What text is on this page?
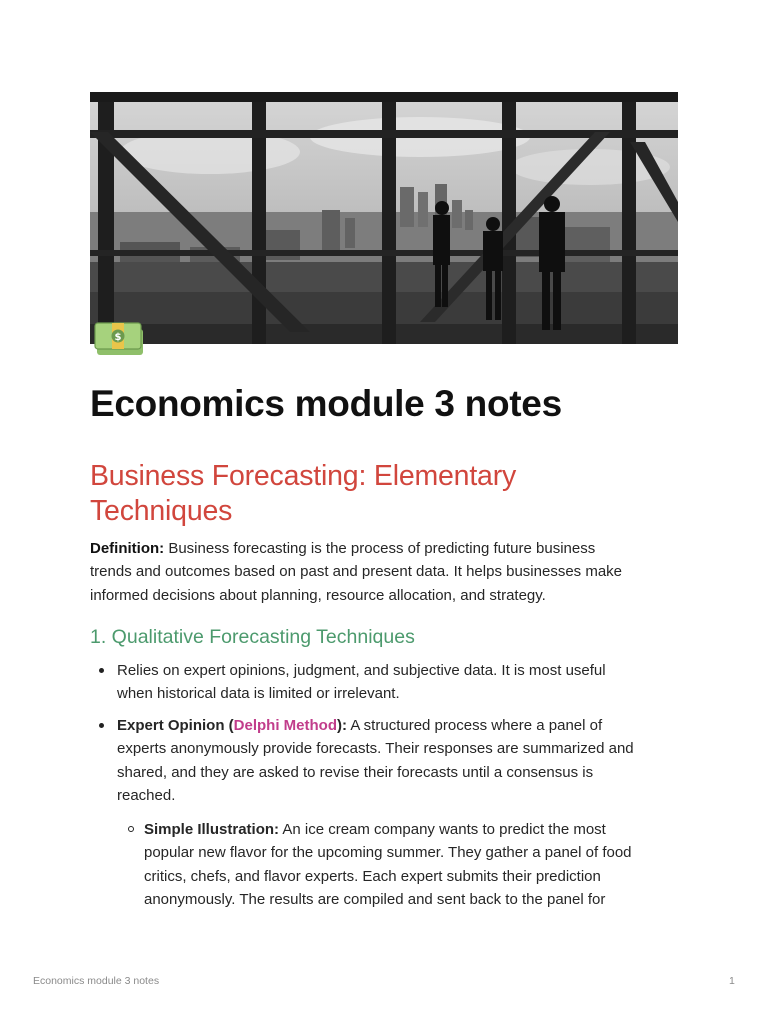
$
Economics module 3 notes
Business Forecasting: Elementary
Techniques
Definition: Business forecasting is the process of predicting future business
trends and outcomes based on past and present data. It helps businesses make
informed decisions about planning, resource allocation, and strategy.
1. Qualitative Forecasting Techniques
Relies on expert opinions, judgment, and subjective data. It is most useful
when historical data is limited or irrelevant.
Expert Opinion (Delphi Method): A structured process where a panel of
experts anonymously provide forecasts. Their responses are summarized and
shared, and they are asked to revise their forecasts until a consensus is
reached.
Simple Illustration: An ice cream company wants to predict the most
popular new flavor for the upcoming summer. They gather a panel of food
critics, chefs, and flavor experts. Each expert submits their prediction
anonymously. The results are compiled and sent back to the panel for
Economics module 3 notes	1
